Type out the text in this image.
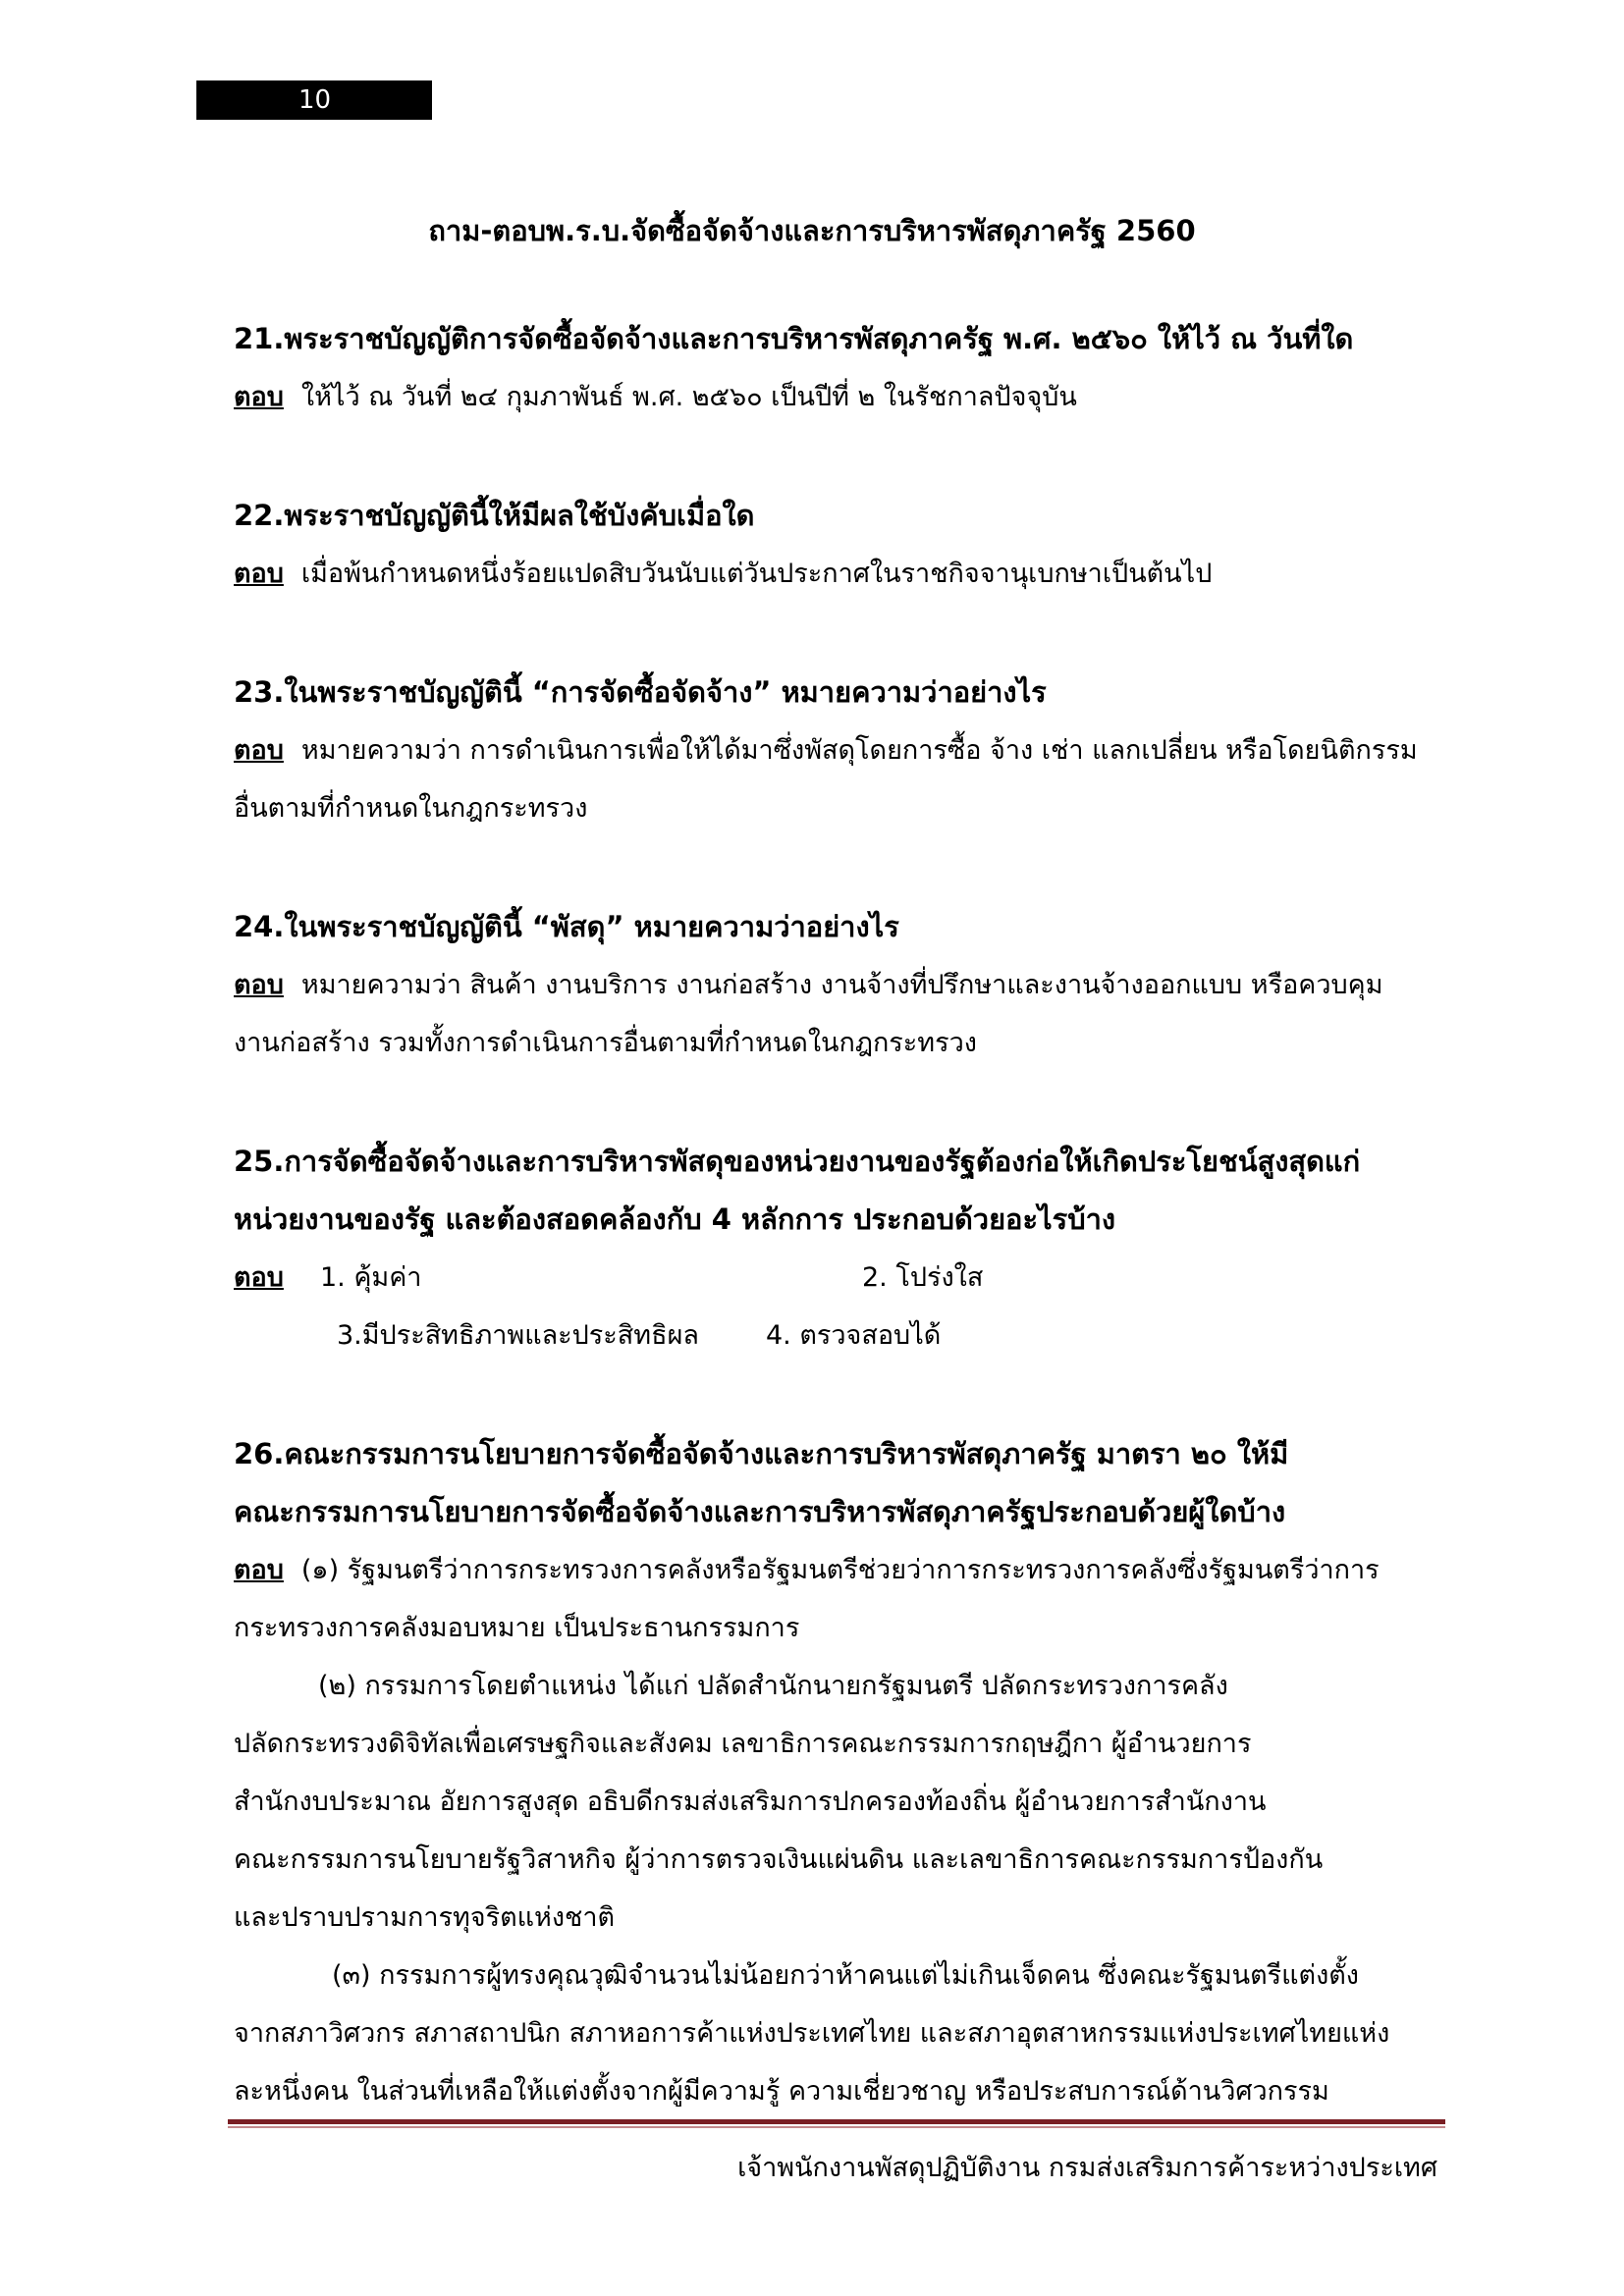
10
ถาม-ตอบพ.ร.บ.จัดซื้อจัดจ้างและการบริหารพัสดุภาครัฐ 2560

21.พระราชบัญญัติการจัดซื้อจัดจ้างและการบริหารพัสดุภาครัฐ พ.ศ. ๒๕๖๐ ให้ไว้ ณ วันที่ใด

ตอบ ให้ไว้ ณ วันที่ ๒๔ กุมภาพันธ์ พ.ศ. ๒๕๖๐ เป็นปีที่ ๒ ในรัชกาลปัจจุบัน

22.พระราชบัญญัตินี้ให้มีผลใช้บังคับเมื่อใด

ตอบ เมื่อพ้นกำหนดหนึ่งร้อยแปดสิบวันนับแต่วันประกาศในราชกิจจานุเบกษาเป็นต้นไป

23.ในพระราชบัญญัตินี้ “การจัดซื้อจัดจ้าง” หมายความว่าอย่างไร

ตอบ หมายความว่า การดำเนินการเพื่อให้ได้มาซึ่งพัสดุโดยการซื้อ จ้าง เช่า แลกเปลี่ยน หรือโดยนิติกรรม

อื่นตามที่กำหนดในกฎกระทรวง

24.ในพระราชบัญญัตินี้ “พัสดุ” หมายความว่าอย่างไร

ตอบ หมายความว่า สินค้า งานบริการ งานก่อสร้าง งานจ้างที่ปรึกษาและงานจ้างออกแบบ หรือควบคุม

งานก่อสร้าง รวมทั้งการดำเนินการอื่นตามที่กำหนดในกฎกระทรวง

25.การจัดซื้อจัดจ้างและการบริหารพัสดุของหน่วยงานของรัฐต้องก่อให้เกิดประโยชน์สูงสุดแก่

หน่วยงานของรัฐ และต้องสอดคล้องกับ 4 หลักการ ประกอบด้วยอะไรบ้าง

ตอบ 1. คุ้มค่า	2. โปร่งใส
3.มีประสิทธิภาพและประสิทธิผล	4. ตรวจสอบได้

26.คณะกรรมการนโยบายการจัดซื้อจัดจ้างและการบริหารพัสดุภาครัฐ มาตรา ๒๐ ให้มี

คณะกรรมการนโยบายการจัดซื้อจัดจ้างและการบริหารพัสดุภาครัฐประกอบด้วยผู้ใดบ้าง

ตอบ (๑) รัฐมนตรีว่าการกระทรวงการคลังหรือรัฐมนตรีช่วยว่าการกระทรวงการคลังซึ่งรัฐมนตรีว่าการ

กระทรวงการคลังมอบหมาย เป็นประธานกรรมการ

(๒) กรรมการโดยตำแหน่ง ได้แก่ ปลัดสำนักนายกรัฐมนตรี ปลัดกระทรวงการคลัง

ปลัดกระทรวงดิจิทัลเพื่อเศรษฐกิจและสังคม เลขาธิการคณะกรรมการกฤษฎีกา ผู้อำนวยการ

สำนักงบประมาณ อัยการสูงสุด อธิบดีกรมส่งเสริมการปกครองท้องถิ่น ผู้อำนวยการสำนักงาน

คณะกรรมการนโยบายรัฐวิสาหกิจ ผู้ว่าการตรวจเงินแผ่นดิน และเลขาธิการคณะกรรมการป้องกัน

และปราบปรามการทุจริตแห่งชาติ

(๓) กรรมการผู้ทรงคุณวุฒิจำนวนไม่น้อยกว่าห้าคนแต่ไม่เกินเจ็ดคน ซึ่งคณะรัฐมนตรีแต่งตั้ง

จากสภาวิศวกร สภาสถาปนิก สภาหอการค้าแห่งประเทศไทย และสภาอุตสาหกรรมแห่งประเทศไทยแห่ง

ละหนึ่งคน ในส่วนที่เหลือให้แต่งตั้งจากผู้มีความรู้ ความเชี่ยวชาญ หรือประสบการณ์ด้านวิศวกรรม

เจ้าพนักงานพัสดุปฏิบัติงาน กรมส่งเสริมการค้าระหว่างประเทศ
